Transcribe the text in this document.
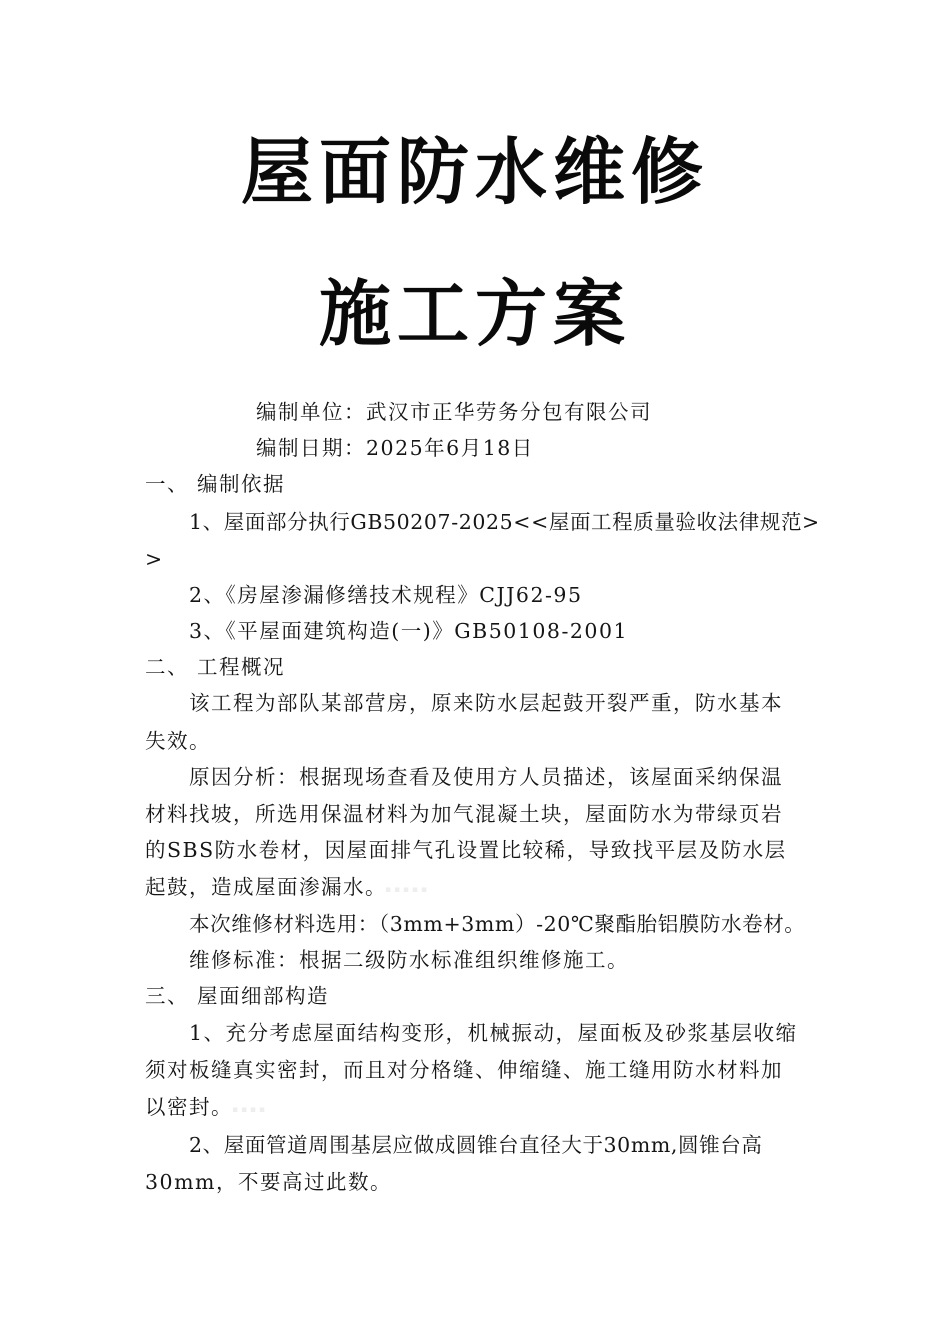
屋面防水维修
施工方案
编制单位：武汉市正华劳务分包有限公司
编制日期：2025年6月18日
一、 编制依据
1、屋面部分执行GB50207-2025<<屋面工程质量验收法律规范>
>
2、《房屋渗漏修缮技术规程》CJJ62-95
3、《平屋面建筑构造(一)》GB50108-2001
二、 工程概况
该工程为部队某部营房，原来防水层起鼓开裂严重，防水基本
失效。
原因分析：根据现场查看及使用方人员描述，该屋面采纳保温
材料找坡，所选用保温材料为加气混凝土块，屋面防水为带绿页岩
的SBS防水卷材，因屋面排气孔设置比较稀，导致找平层及防水层
起鼓，造成屋面渗漏水。
▪ ▪ ▪ ▪ ▪
本次维修材料选用：（3mm+3mm）-20℃聚酯胎铝膜防水卷材。
维修标准：根据二级防水标准组织维修施工。
三、 屋面细部构造
1、充分考虑屋面结构变形，机械振动，屋面板及砂浆基层收缩
须对板缝真实密封，而且对分格缝、伸缩缝、施工缝用防水材料加
以密封。 ▪ ▪ ▪ ▪
2、屋面管道周围基层应做成圆锥台直径大于30mm,圆锥台高
30mm，不要高过此数。
